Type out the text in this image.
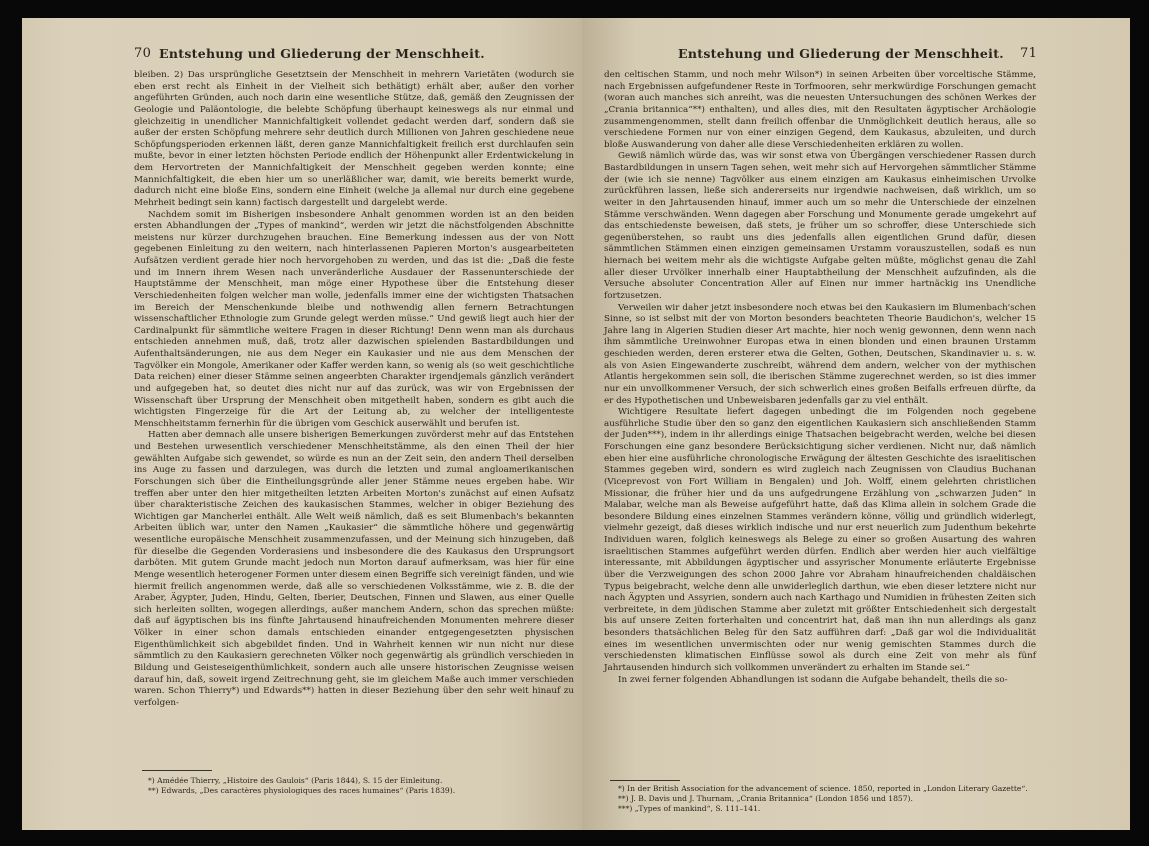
70 Entstehung und Gliederung der Menschheit.

bleiben. 2) Das ursprüngliche Gesetztsein der Menschheit in mehrern Varietäten (wodurch sie eben erst recht als Einheit in der Vielheit sich bethätigt) erhält aber, außer den vorher angeführten Gründen, auch noch darin eine wesentliche Stütze, daß, gemäß den Zeugnissen der Geologie und Paläontologie, die belebte Schöpfung überhaupt keineswegs als nur einmal und gleichzeitig in unendlicher Mannichfaltigkeit vollendet gedacht werden darf, sondern daß sie außer der ersten Schöpfung mehrere sehr deutlich durch Millionen von Jahren geschiedene neue Schöpfungsperioden erkennen läßt, deren ganze Mannichfaltigkeit freilich erst durchlaufen sein mußte, bevor in einer letzten höchsten Periode endlich der Höhenpunkt aller Erdentwickelung in dem Hervortreten der Mannichfaltigkeit der Menschheit gegeben werden konnte; eine Mannichfaltigkeit, die eben hier um so unerläßlicher war, damit, wie bereits bemerkt wurde, dadurch nicht eine bloße Eins, sondern eine Einheit (welche ja allemal nur durch eine gegebene Mehrheit bedingt sein kann) factisch dargestellt und dargelebt werde.

Nachdem somit im Bisherigen insbesondere Anhalt genommen worden ist an den beiden ersten Abhandlungen der „Types of mankind“, werden wir jetzt die nächstfolgenden Abschnitte meistens nur kürzer durchzugehen brauchen. Eine Bemerkung indessen aus der von Nott gegebenen Einleitung zu den weitern, nach hinterlassenen Papieren Morton's ausgearbeiteten Aufsätzen verdient gerade hier noch hervorgehoben zu werden, und das ist die: „Daß die feste und im Innern ihrem Wesen nach unveränderliche Ausdauer der Rassenunterschiede der Hauptstämme der Menschheit, man möge einer Hypothese über die Entstehung dieser Verschiedenheiten folgen welcher man wolle, jedenfalls immer eine der wichtigsten Thatsachen im Bereich der Menschenkunde bleibe und nothwendig allen fernern Betrachtungen wissenschaftlicher Ethnologie zum Grunde gelegt werden müsse.“ Und gewiß liegt auch hier der Cardinalpunkt für sämmtliche weitere Fragen in dieser Richtung! Denn wenn man als durchaus entschieden annehmen muß, daß, trotz aller dazwischen spielenden Bastardbildungen und Aufenthaltsänderungen, nie aus dem Neger ein Kaukasier und nie aus dem Menschen der Tagvölker ein Mongole, Amerikaner oder Kaffer werden kann, so wenig als (so weit geschichtliche Data reichen) einer dieser Stämme seinen angeerbten Charakter irgendjemals gänzlich verändert und aufgegeben hat, so deutet dies nicht nur auf das zurück, was wir von Ergebnissen der Wissenschaft über Ursprung der Menschheit oben mitgetheilt haben, sondern es gibt auch die wichtigsten Fingerzeige für die Art der Leitung ab, zu welcher der intelligenteste Menschheitstamm fernerhin für die übrigen vom Geschick auserwählt und berufen ist.

Hatten aber demnach alle unsere bisherigen Bemerkungen zuvörderst mehr auf das Entstehen und Bestehen urwesentlich verschiedener Menschheitstämme, als den einen Theil der hier gewählten Aufgabe sich gewendet, so würde es nun an der Zeit sein, den andern Theil derselben ins Auge zu fassen und darzulegen, was durch die letzten und zumal angloamerikanischen Forschungen sich über die Eintheilungsgründe aller jener Stämme neues ergeben habe. Wir treffen aber unter den hier mitgetheilten letzten Arbeiten Morton's zunächst auf einen Aufsatz über charakteristische Zeichen des kaukasischen Stammes, welcher in obiger Beziehung des Wichtigen gar Mancherlei enthält. Alle Welt weiß nämlich, daß es seit Blumenbach's bekannten Arbeiten üblich war, unter den Namen „Kaukasier“ die sämmtliche höhere und gegenwärtig wesentliche europäische Menschheit zusammenzufassen, und der Meinung sich hinzugeben, daß für dieselbe die Gegenden Vorderasiens und insbesondere die des Kaukasus den Ursprungsort darböten. Mit gutem Grunde macht jedoch nun Morton darauf aufmerksam, was hier für eine Menge wesentlich heterogener Formen unter diesem einen Begriffe sich vereinigt fänden, und wie hiermit freilich angenommen werde, daß alle so verschiedenen Volksstämme, wie z. B. die der Araber, Ägypter, Juden, Hindu, Gelten, Iberier, Deutschen, Finnen und Slawen, aus einer Quelle sich herleiten sollten, wogegen allerdings, außer manchem Andern, schon das sprechen müßte: daß auf ägyptischen bis ins fünfte Jahrtausend hinaufreichenden Monumenten mehrere dieser Völker in einer schon damals entschieden einander entgegengesetzten physischen Eigenthümlichkeit sich abgebildet finden. Und in Wahrheit kennen wir nun nicht nur diese sämmtlich zu den Kaukasiern gerechneten Völker noch gegenwärtig als gründlich verschieden in Bildung und Geisteseigenthümlichkeit, sondern auch alle unsere historischen Zeugnisse weisen darauf hin, daß, soweit irgend Zeitrechnung geht, sie im gleichem Maße auch immer verschieden waren. Schon Thierry*) und Edwards**) hatten in dieser Beziehung über den sehr weit hinauf zu verfolgen-

*) Amédée Thierry, „Histoire des Gaulois“ (Paris 1844), S. 15 der Einleitung.

**) Edwards, „Des caractères physiologiques des races humaines“ (Paris 1839).

Entstehung und Gliederung der Menschheit.	71

den celtischen Stamm, und noch mehr Wilson*) in seinen Arbeiten über vorceltische Stämme, nach Ergebnissen aufgefundener Reste in Torfmooren, sehr merkwürdige Forschungen gemacht (woran auch manches sich anreiht, was die neuesten Untersuchungen des schönen Werkes der „Crania britannica“**) enthalten), und alles dies, mit den Resultaten ägyptischer Archäologie zusammengenommen, stellt dann freilich offenbar die Unmöglichkeit deutlich heraus, alle so verschiedene Formen nur von einer einzigen Gegend, dem Kaukasus, abzuleiten, und durch bloße Auswanderung von daher alle diese Verschiedenheiten erklären zu wollen.

Gewiß nämlich würde das, was wir sonst etwa von Übergängen verschiedener Rassen durch Bastardbildungen in unsern Tagen sehen, weit mehr sich auf Hervorgehen sämmtlicher Stämme der (wie ich sie nenne) Tagvölker aus einem einzigen am Kaukasus einheimischen Urvolke zurückführen lassen, ließe sich andererseits nur irgendwie nachweisen, daß wirklich, um so weiter in den Jahrtausenden hinauf, immer auch um so mehr die Unterschiede der einzelnen Stämme verschwänden. Wenn dagegen aber Forschung und Monumente gerade umgekehrt auf das entschiedenste beweisen, daß stets, je früher um so schroffer, diese Unterschiede sich gegenüberstehen, so raubt uns dies jedenfalls allen eigentlichen Grund dafür, diesen sämmtlichen Stämmen einen einzigen gemeinsamen Urstamm vorauszustellen, sodaß es nun hiernach bei weitem mehr als die wichtigste Aufgabe gelten müßte, möglichst genau die Zahl aller dieser Urvölker innerhalb einer Hauptabtheilung der Menschheit aufzufinden, als die Versuche absoluter Concentration Aller auf Einen nur immer hartnäckig ins Unendliche fortzusetzen.

Verweilen wir daher jetzt insbesondere noch etwas bei den Kaukasiern im Blumenbach'schen Sinne, so ist selbst mit der von Morton besonders beachteten Theorie Baudichon's, welcher 15 Jahre lang in Algerien Studien dieser Art machte, hier noch wenig gewonnen, denn wenn nach ihm sämmtliche Ureinwohner Europas etwa in einen blonden und einen braunen Urstamm geschieden werden, deren ersterer etwa die Gelten, Gothen, Deutschen, Skandinavier u. s. w. als von Asien Eingewanderte zuschreibt, während dem andern, welcher von der mythischen Atlantis hergekommen sein soll, die iberischen Stämme zugerechnet werden, so ist dies immer nur ein unvollkommener Versuch, der sich schwerlich eines großen Beifalls erfreuen dürfte, da er des Hypothetischen und Unbeweisbaren jedenfalls gar zu viel enthält.

Wichtigere Resultate liefert dagegen unbedingt die im Folgenden noch gegebene ausführliche Studie über den so ganz den eigentlichen Kaukasiern sich anschließenden Stamm der Juden***), indem in ihr allerdings einige Thatsachen beigebracht werden, welche bei diesen Forschungen eine ganz besondere Berücksichtigung sicher verdienen. Nicht nur, daß nämlich eben hier eine ausführliche chronologische Erwägung der ältesten Geschichte des israelitischen Stammes gegeben wird, sondern es wird zugleich nach Zeugnissen von Claudius Buchanan (Viceprevost von Fort William in Bengalen) und Joh. Wolff, einem gelehrten christlichen Missionar, die früher hier und da uns aufgedrungene Erzählung von „schwarzen Juden“ in Malabar, welche man als Beweise aufgeführt hatte, daß das Klima allein in solchem Grade die besondere Bildung eines einzelnen Stammes verändern könne, völlig und gründlich widerlegt, vielmehr gezeigt, daß dieses wirklich indische und nur erst neuerlich zum Judenthum bekehrte Individuen waren, folglich keineswegs als Belege zu einer so großen Ausartung des wahren israelitischen Stammes aufgeführt werden dürfen. Endlich aber werden hier auch vielfältige interessante, mit Abbildungen ägyptischer und assyrischer Monumente erläuterte Ergebnisse über die Verzweigungen des schon 2000 Jahre vor Abraham hinaufreichenden chaldäischen Typus beigebracht, welche denn alle unwiderleglich darthun, wie eben dieser letztere nicht nur nach Ägypten und Assyrien, sondern auch nach Karthago und Numidien in frühesten Zeiten sich verbreitete, in dem jüdischen Stamme aber zuletzt mit größter Entschiedenheit sich dergestalt bis auf unsere Zeiten forterhalten und concentrirt hat, daß man ihn nun allerdings als ganz besonders thatsächlichen Beleg für den Satz aufführen darf: „Daß gar wol die Individualität eines im wesentlichen unvermischten oder nur wenig gemischten Stammes durch die verschiedensten klimatischen Einflüsse sowol als durch eine Zeit von mehr als fünf Jahrtausenden hindurch sich vollkommen unverändert zu erhalten im Stande sei.“

In zwei ferner folgenden Abhandlungen ist sodann die Aufgabe behandelt, theils die so-

*) In der British Association for the advancement of science. 1850, reported in „London Literary Gazette“.

**) J. B. Davis und J. Thurnam, „Crania Britannica“ (London 1856 und 1857).

***) „Types of mankind“, S. 111–141.
